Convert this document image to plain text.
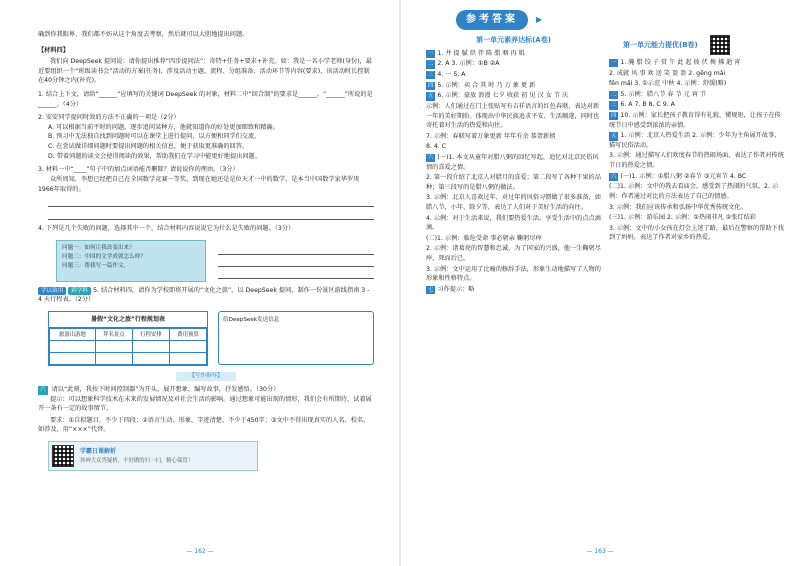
确到你我眼界，我们都不妨从这个角度去考察，然后就可以大胆地提出问题。

【材料四】

我们向 DeepSeek 提问说：请你提出推荐“四步提问法”：奇特+任务+要求+补充。如：我是一名小学老师(身份)，最近要组织一个“班级读书会”活动的方案(任务)，涉及活动主题、流程、分组准备、活动环节等内容(要求)，该活动时长控制在40分钟之内(补充)。

1. 结合上下文，请给“______”应填写的关键词 DeepSeek 的对象，材料二中“回合制”的要求是______。“______”所说的是______。（4分）

2. 安安同学提问时效的方法不正确的一项是（2分）

A. 可以根据当前平时的问题，逐步追问某种方，他就知道你的好处更加细致和精确。

B. 预习中无法独自找到问题时可以在课堂上进行提问，以方便和同学们交流。

C. 在尝试做详细问题时要提出问题的相关信息，便于获取更准确的回答。

D. 带着问题的读文会使得阅读的效果，帮助我们在学习中能更好地提出问题。

3. 材料一中“____”句子中的加点词语能否删除？请说说你的理由。（3分）

众所周知，李想已经把自己在全国数学竞赛一等奖，到现在她还是是位天才一中的数学，是本当中国数学家华罗庚1966年取得的。

4. 下列是几个失败的问题，选择其中一个，结合材料内容说说它为什么是失败的问题。（3分）

问题一：如何让我改变出来？
问题二：中国的文学成就怎么样？
问题三：帮我写一篇作文。

学以致用 跨学科 5. 结合材料四，请你为学校即将开展的“文化之旅”，以 DeepSeek 提问，制作一份景区游线指南 3 - 4 天行程表。（2分）

暑假“文化之旅”行程规划表
旅游出游地	拜名景点	行程安排	费用预算

给DeepSeek发送信息
【写作指导】

六 请以“此刻，我按下时间控制器”为开头，展开想象，编写故事，抒发感悟。（30分）

提示：可以想象科学技术在未来的发展情况及对社会生活的影响。通过想象可能出现的情形，我们会有所期待，试着展开一条有一定的故事情节。

要求：①自拟题目，不少于四段；②语言生动、形象，字迹清楚，不少于450字；③文中不得出现真实的人名、校名，如涉及，用“×××”代替。

学霸日课解析
你神大众答疑析，不好做的扫一扫，精心保管！
— 162 —
参考答案	▶
第一单元素养达标(A卷)

一 1. 井 提 腻 烘 伴 陈 腊 咽 冉 肌

二 2. A 3. 示例：①B ②A

三 4. 一 5. A

四 5. 示例：卖 合 其 时 乃 万 象 更 新

五 6. 示例：豪放 浪漫 七夕 收获 初 见 汉 女 节 庆

示例：人们通过在门上张贴写有吉祥语言的红色春联，表达对新一年的美好期盼。体现出中华民族追求平安、生活顺遂，同时也寄托着对生活的热爱和向往。

7. 示例：春联写着万象更新 年年有余 恭贺新禧

8. 4. C

六 (一)1. 本文从童年对腊八粥的回忆写起，追忆对北京民俗风情的喜爱之情。

2. 第一段介绍了北京人对腊月的喜爱；第二段写了各种干果的品种；第三段写的是腊八粥的做法。

3. 示例：北京人喜欢过年，对过年的风俗习惯做了很多准备，如腊八节，小年、除夕等，表达了人们对于美好生活的向往。

4. 示例：对于生活来说，我们要热爱生活，享受生活中的点点滴滴。

(二)1. 示例：临危受命 事必躬亲 鞠躬尽瘁

2. 示例：诸葛亮的智慧和忠诚，为了国家的兴盛，他一生鞠躬尽瘁，死而后已。

3. 示例：文中运用了比喻的修辞手法，形象生动地描写了人物的形象和性格特点。

七 习作提示：略

第一单元能力提优(B卷)

一 1. 腌 腊 饺 子 赏 午 此 起 彼 伏 搀 拂 逝 宵

2. 成就 风 事 欢 送 笑 盈 盈 2. gēng mǎi

fēn mǎi 3. ①示范 中秋 4. 示例：舒缓(略)

二 5. 示例：腊八节 春 节 元 宵 节

三 6. A 7. B 8. C 9. A

四 10. 示例：家长把孩子教育得有礼貌、懂规矩，让孩子在传统节日中感受到浓浓的亲情。

五 1. 示例：北京人热爱生活 2. 示例：少年为主角展开故事，描写民俗活动。

3. 示例：通过描写人们欢度春节的热闹场面，表达了作者对传统节日的热爱之情。

六 (一)1. 示例：①腊八粥 ②春节 ③元宵节 4. BC

(二)1. 示例：文中的我去看庙会，感受到了热闹的气氛。2. 示例：作者通过对比的方法表达了自己的情感。

3. 示例：我们应该传承和弘扬中华优秀传统文化。

(三)1. 示例：游乐园 2. 示例：①热闹非凡 ②张灯结彩

3. 示例：文中的小女孩在灯会上迷了路，最后在警察的帮助下找到了妈妈，表达了作者对家乡的热爱。

— 163 —
